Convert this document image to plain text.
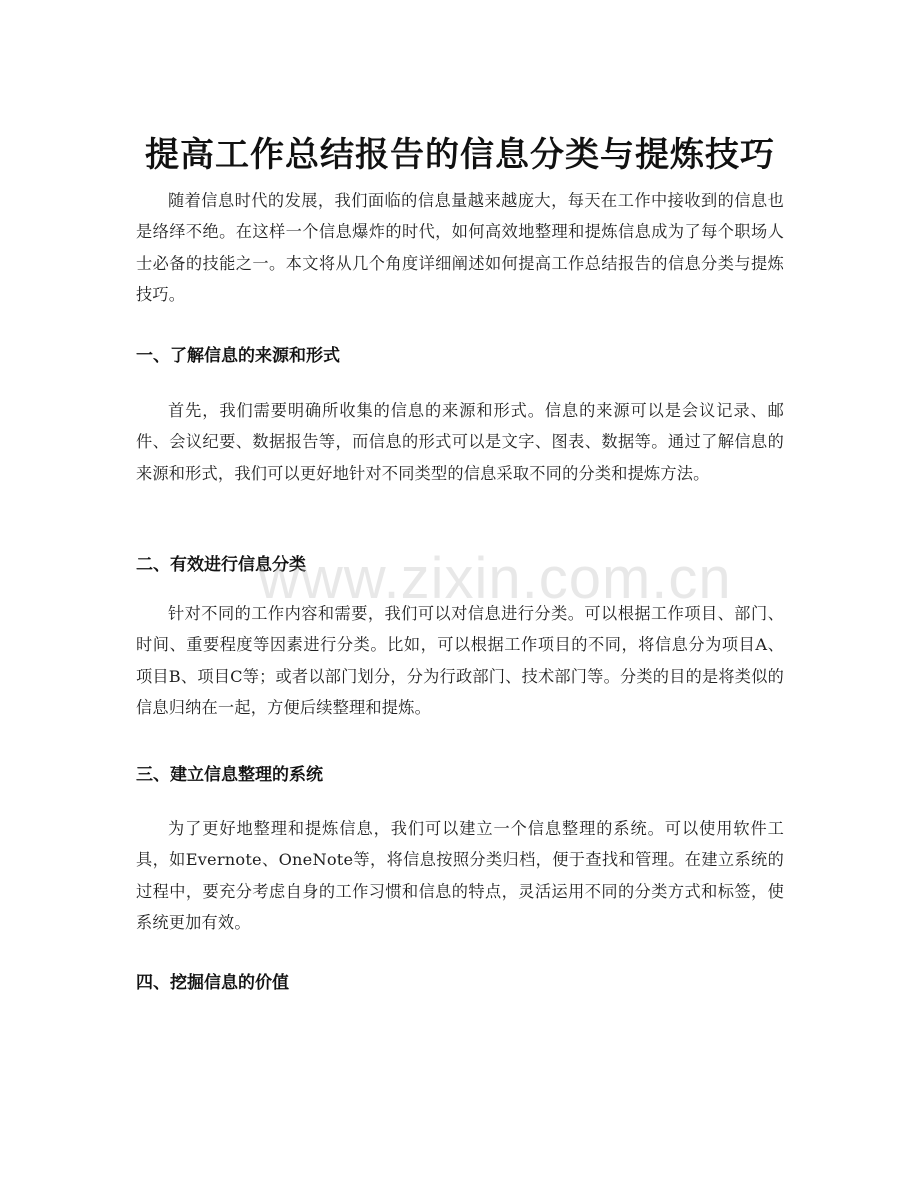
提高工作总结报告的信息分类与提炼技巧

随着信息时代的发展，我们面临的信息量越来越庞大，每天在工作中接收到的信息也是络绎不绝。在这样一个信息爆炸的时代，如何高效地整理和提炼信息成为了每个职场人士必备的技能之一。本文将从几个角度详细阐述如何提高工作总结报告的信息分类与提炼技巧。

一、了解信息的来源和形式

首先，我们需要明确所收集的信息的来源和形式。信息的来源可以是会议记录、邮件、会议纪要、数据报告等，而信息的形式可以是文字、图表、数据等。通过了解信息的来源和形式，我们可以更好地针对不同类型的信息采取不同的分类和提炼方法。

二、有效进行信息分类

针对不同的工作内容和需要，我们可以对信息进行分类。可以根据工作项目、部门、时间、重要程度等因素进行分类。比如，可以根据工作项目的不同，将信息分为项目A、项目B、项目C等；或者以部门划分，分为行政部门、技术部门等。分类的目的是将类似的信息归纳在一起，方便后续整理和提炼。

三、建立信息整理的系统

为了更好地整理和提炼信息，我们可以建立一个信息整理的系统。可以使用软件工具，如Evernote、OneNote等，将信息按照分类归档，便于查找和管理。在建立系统的过程中，要充分考虑自身的工作习惯和信息的特点，灵活运用不同的分类方式和标签，使系统更加有效。

四、挖掘信息的价值
www.zixin.com.cn
